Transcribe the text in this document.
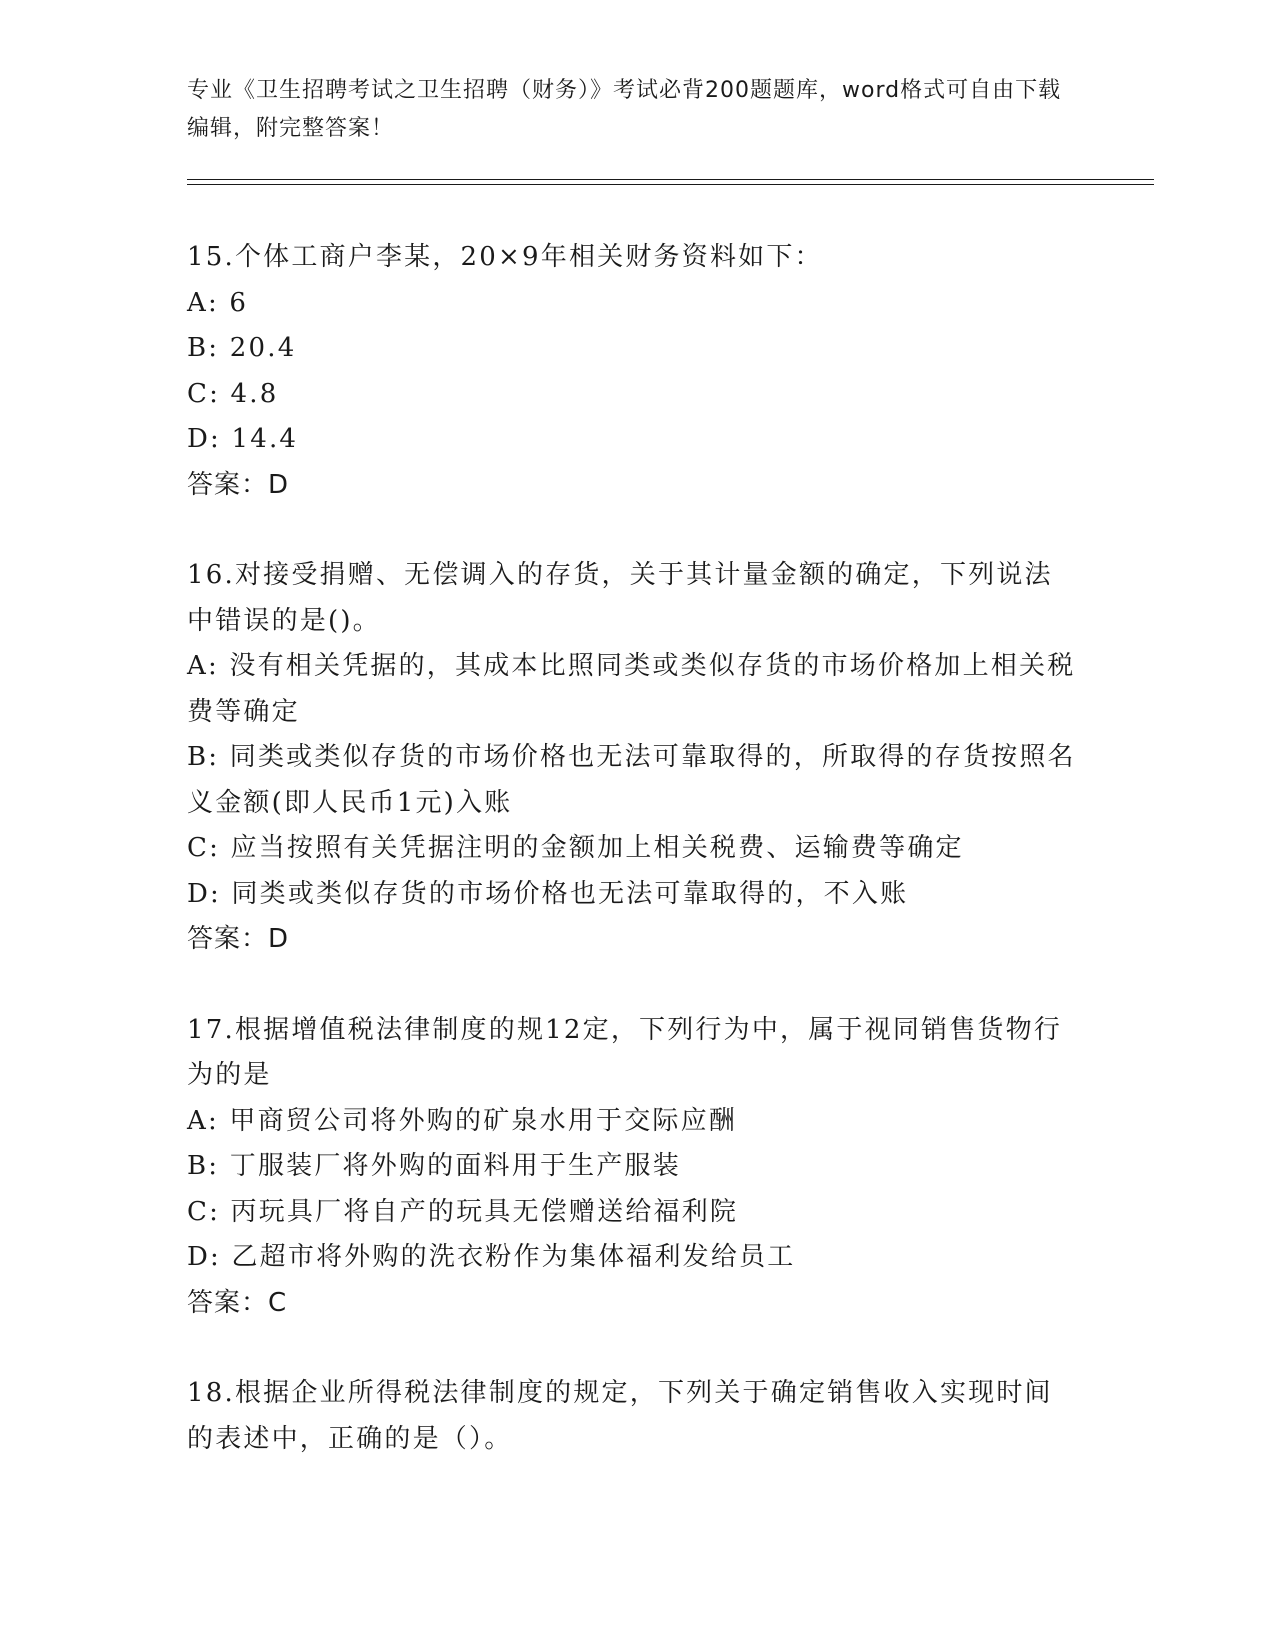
专业《卫生招聘考试之卫生招聘（财务）》考试必背200题题库，word格式可自由下载编辑，附完整答案！

15.个体工商户李某，20×9年相关财务资料如下：

A: 6

B: 20.4

C: 4.8

D: 14.4

答案：D

16.对接受捐赠、无偿调入的存货，关于其计量金额的确定，下列说法中错误的是()。

A: 没有相关凭据的，其成本比照同类或类似存货的市场价格加上相关税费等确定

B: 同类或类似存货的市场价格也无法可靠取得的，所取得的存货按照名义金额(即人民币1元)入账

C: 应当按照有关凭据注明的金额加上相关税费、运输费等确定

D: 同类或类似存货的市场价格也无法可靠取得的，不入账

答案：D

17.根据增值税法律制度的规12定，下列行为中，属于视同销售货物行为的是

A: 甲商贸公司将外购的矿泉水用于交际应酬

B: 丁服装厂将外购的面料用于生产服装

C: 丙玩具厂将自产的玩具无偿赠送给福利院

D: 乙超市将外购的洗衣粉作为集体福利发给员工

答案：C

18.根据企业所得税法律制度的规定，下列关于确定销售收入实现时间的表述中，正确的是（）。
